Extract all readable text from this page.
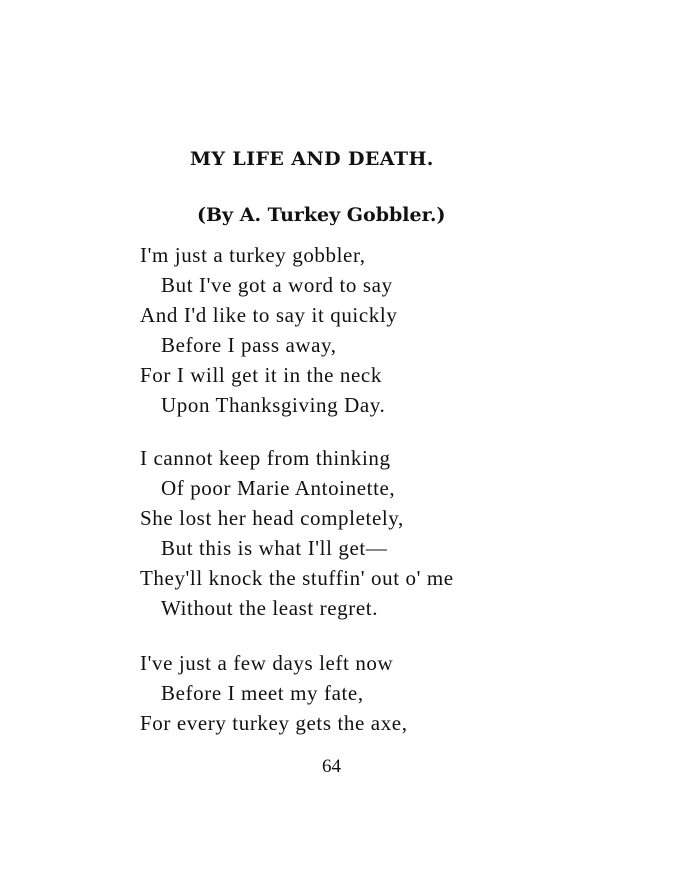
MY LIFE AND DEATH.
(By A. Turkey Gobbler.)
I'm just a turkey gobbler,
But I've got a word to say
And I'd like to say it quickly
Before I pass away,
For I will get it in the neck
Upon Thanksgiving Day.
I cannot keep from thinking
Of poor Marie Antoinette,
She lost her head completely,
But this is what I'll get—
They'll knock the stuffin' out o' me
Without the least regret.
I've just a few days left now
Before I meet my fate,
For every turkey gets the axe,
64
